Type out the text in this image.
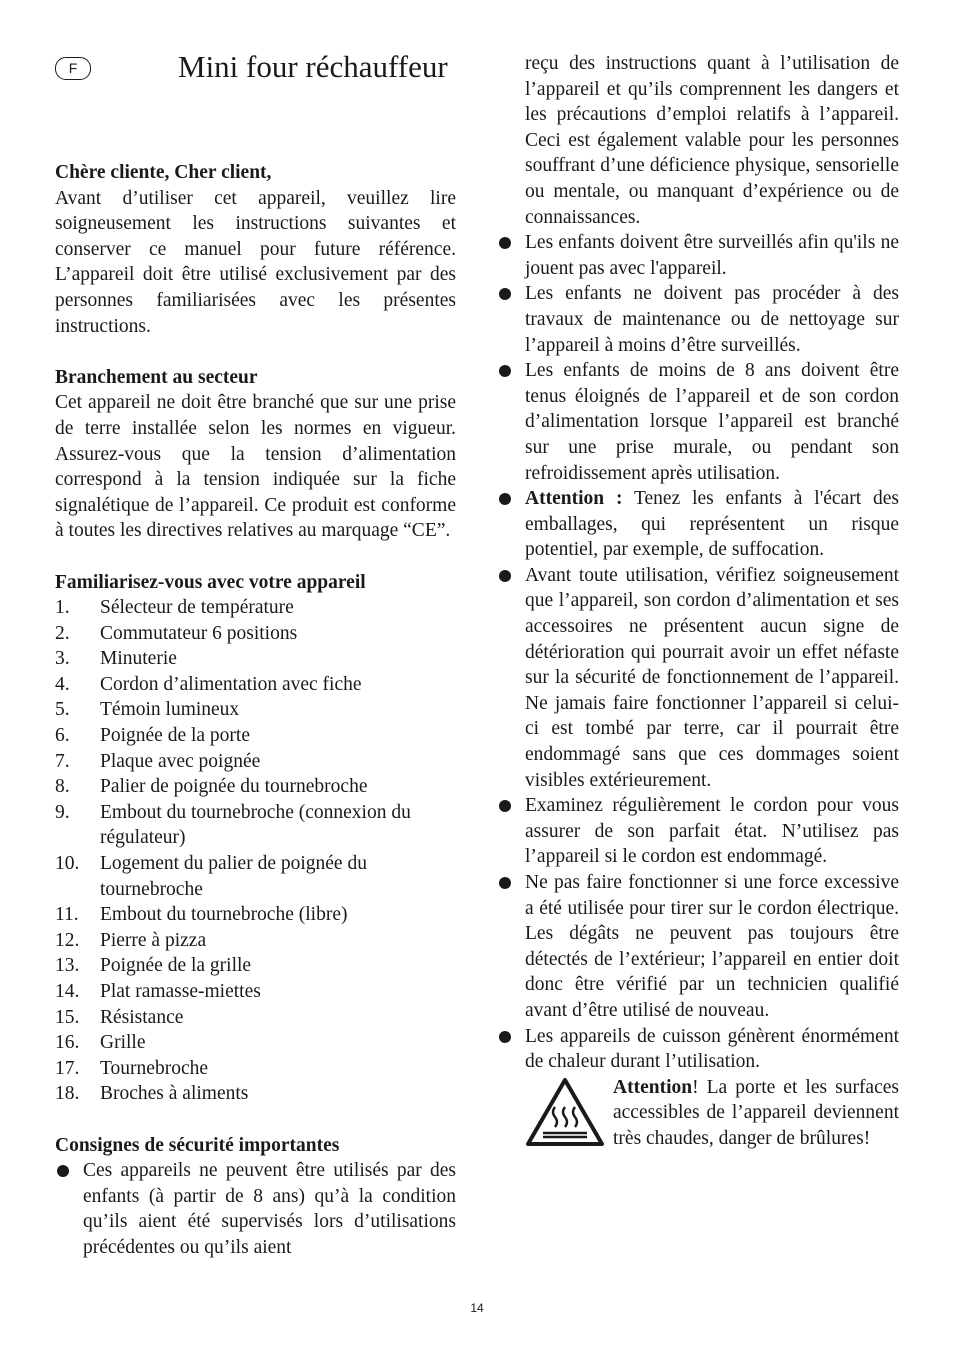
F	Mini four réchauffeur

Chère cliente, Cher client,

Avant d’utiliser cet appareil, veuillez lire soigneusement les instructions suivantes et conserver ce manuel pour future référence. L’appareil doit être utilisé exclusivement par des personnes familiarisées avec les présentes instructions.

Branchement au secteur

Cet appareil ne doit être branché que sur une prise de terre installée selon les normes en vigueur. Assurez-vous que la tension d’alimentation correspond à la tension indiquée sur la fiche signalétique de l’appareil. Ce produit est conforme à toutes les directives relatives au marquage “CE”.

Familiarisez-vous avec votre appareil

1. Sélecteur de température
2. Commutateur 6 positions
3. Minuterie
4. Cordon d’alimentation avec fiche
5. Témoin lumineux
6. Poignée de la porte
7. Plaque avec poignée
8. Palier de poignée du tournebroche
9. Embout du tournebroche (connexion du régulateur)
10. Logement du palier de poignée du tournebroche
11. Embout du tournebroche (libre)
12. Pierre à pizza
13. Poignée de la grille
14. Plat ramasse-miettes
15. Résistance
16. Grille
17. Tournebroche
18. Broches à aliments

Consignes de sécurité importantes

Ces appareils ne peuvent être utilisés par des enfants (à partir de 8 ans) qu’à la condition qu’ils aient été supervisés lors d’utilisations précédentes ou qu’ils aient

reçu des instructions quant à l’utilisation de l’appareil et qu’ils comprennent les dangers et les précautions d’emploi relatifs à l’appareil. Ceci est également valable pour les personnes souffrant d’une déficience physique, sensorielle ou mentale, ou manquant d’expérience ou de connaissances.

Les enfants doivent être surveillés afin qu'ils ne jouent pas avec l'appareil.
Les enfants ne doivent pas procéder à des travaux de maintenance ou de nettoyage sur l’appareil à moins d’être surveillés.
Les enfants de moins de 8 ans doivent être tenus éloignés de l’appareil et de son cordon d’alimentation lorsque l’appareil est branché sur une prise murale, ou pendant son refroidissement après utilisation.
Attention : Tenez les enfants à l'écart des emballages, qui représentent un risque potentiel, par exemple, de suffocation.
Avant toute utilisation, vérifiez soigneusement que l’appareil, son cordon d’alimentation et ses accessoires ne présentent aucun signe de détérioration qui pourrait avoir un effet néfaste sur la sécurité de fonctionnement de l’appareil. Ne jamais faire fonctionner l’appareil si celui-ci est tombé par terre, car il pourrait être endommagé sans que ces dommages soient visibles extérieurement.
Examinez régulièrement le cordon pour vous assurer de son parfait état. N’utilisez pas l’appareil si le cordon est endommagé.
Ne pas faire fonctionner si une force excessive a été utilisée pour tirer sur le cordon électrique. Les dégâts ne peuvent pas toujours être détectés de l’extérieur; l’appareil en entier doit donc être vérifié par un technicien qualifié avant d’être utilisé de nouveau.
Les appareils de cuisson génèrent énormément de chaleur durant l’utilisation.
Attention! La porte et les surfaces accessibles de l’appareil deviennent très chaudes, danger de brûlures!
14
